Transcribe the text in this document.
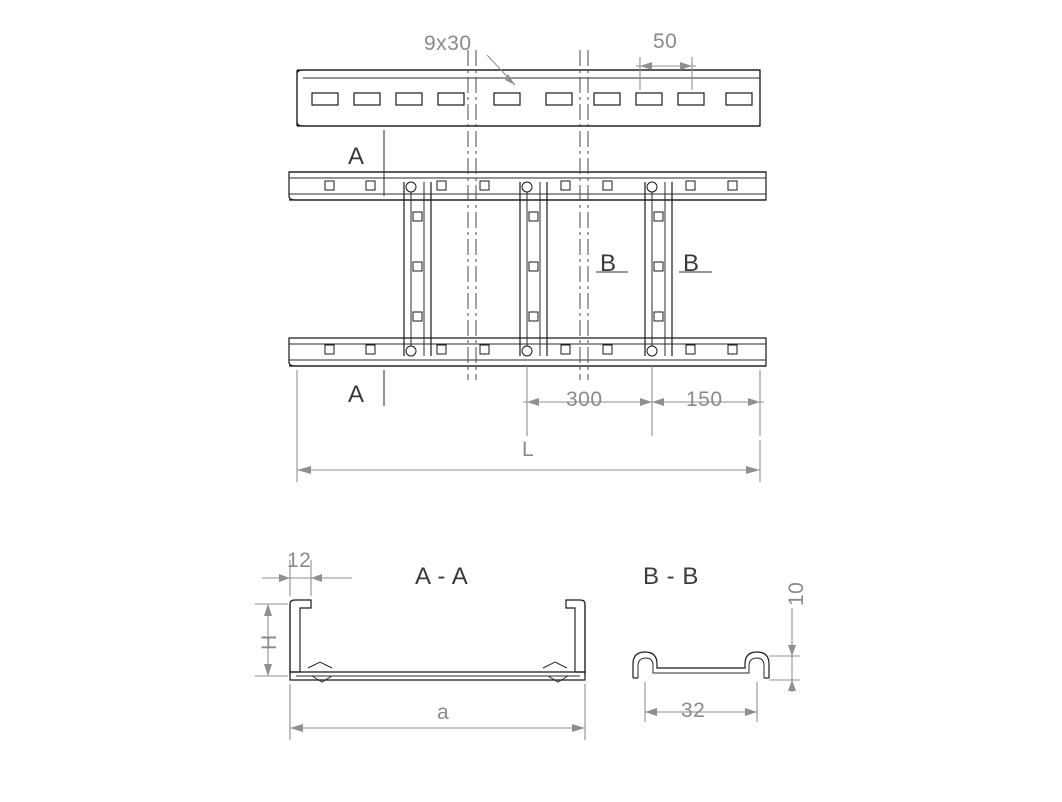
9x30	50
A
A
B	B
300	150
L
12
H
a
A - A	B - B
10
32
